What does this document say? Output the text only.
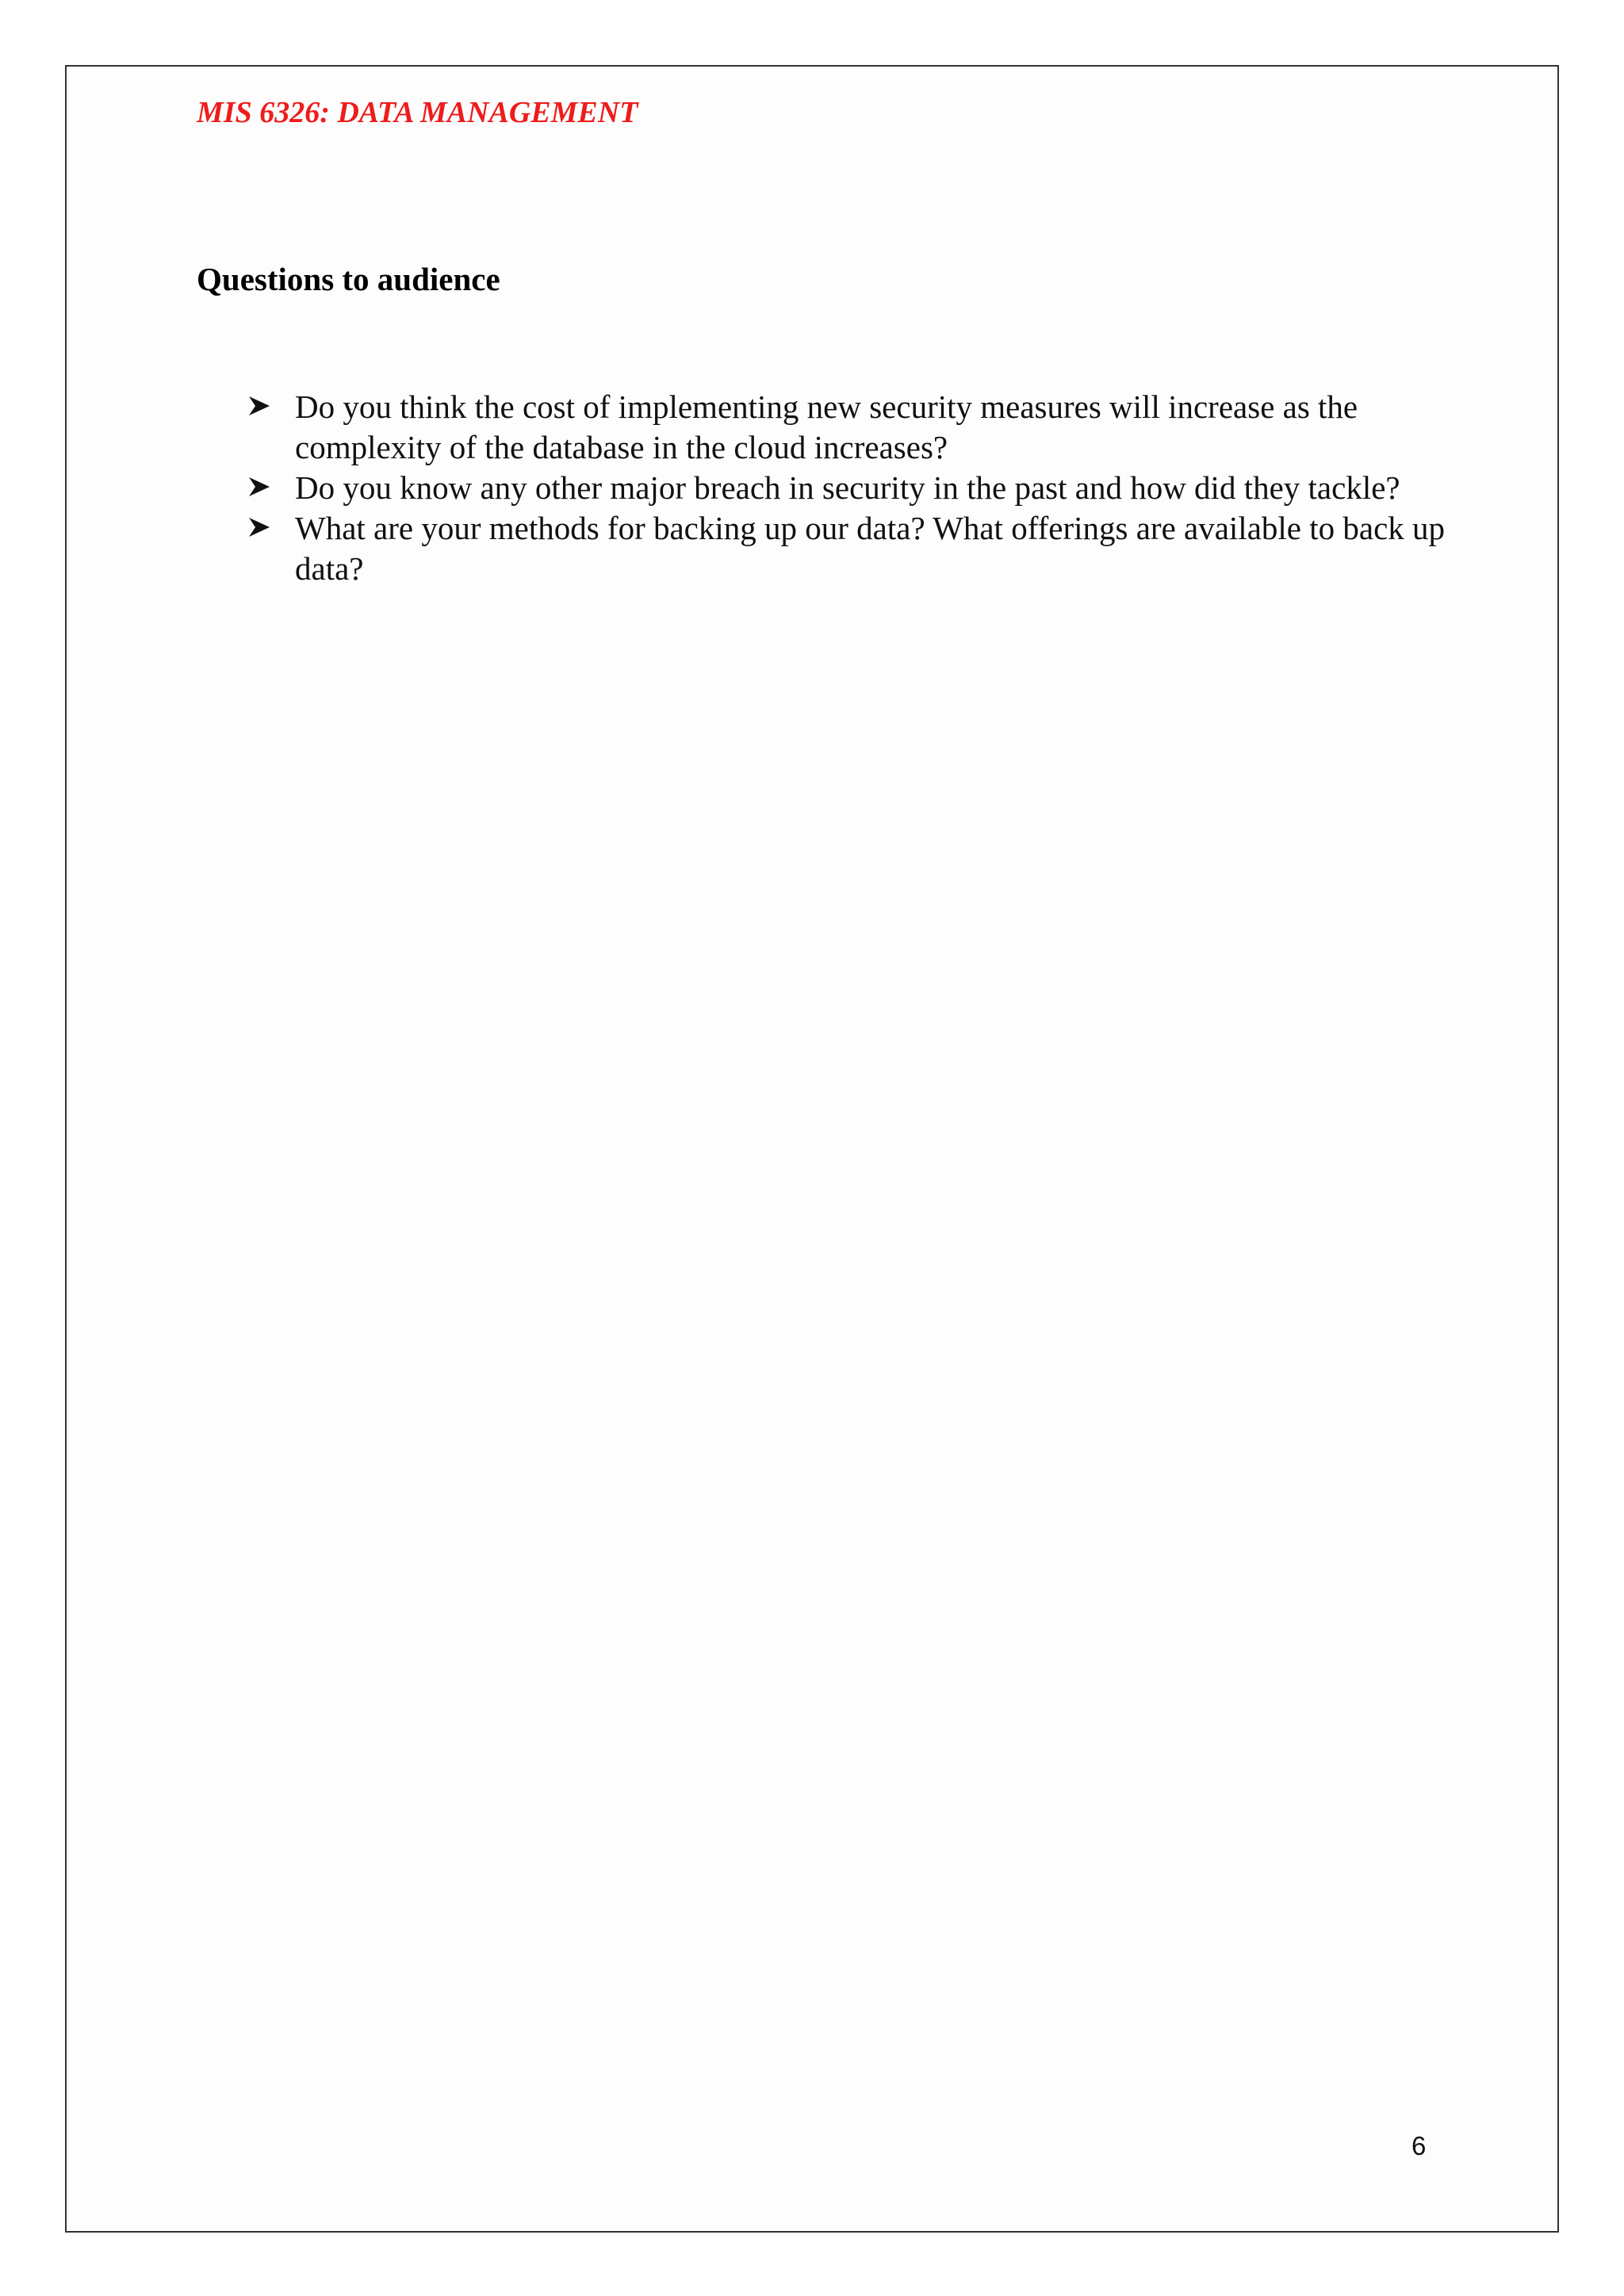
MIS 6326: DATA MANAGEMENT
Questions to audience
Do you think the cost of implementing new security measures will increase as the complexity of the database in the cloud increases?
Do you know any other major breach in security in the past and how did they tackle?
What are your methods for backing up our data? What offerings are available to back up data?
6
